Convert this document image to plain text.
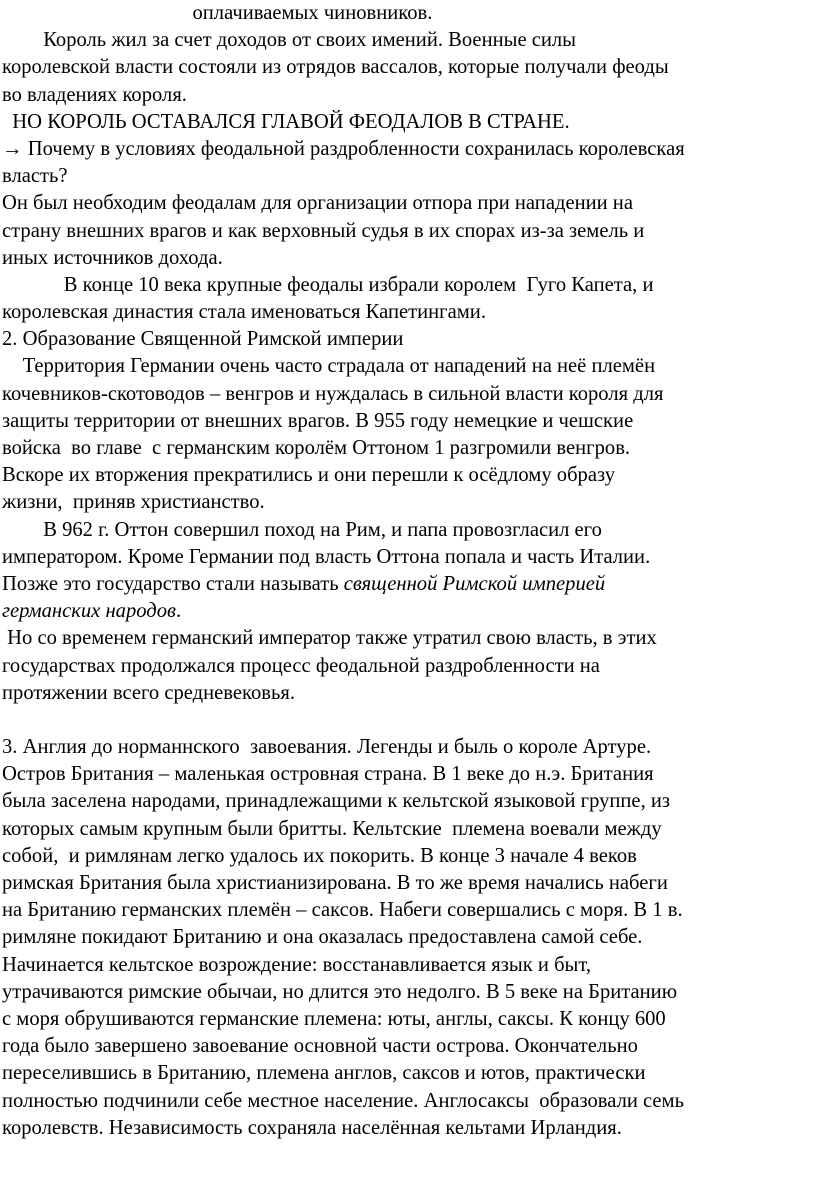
оплачиваемых чиновников.
Король жил за счет доходов от своих имений. Военные силы
королевской власти состояли из отрядов вассалов, которые получали феоды
во владениях короля.
НО КОРОЛЬ ОСТАВАЛСЯ ГЛАВОЙ ФЕОДАЛОВ В СТРАНЕ.
→ Почему в условиях феодальной раздробленности сохранилась королевская
власть?
Он был необходим феодалам для организации отпора при нападении на
страну внешних врагов и как верховный судья в их спорах из-за земель и
иных источников дохода.
В конце 10 века крупные феодалы избрали королем  Гуго Капета, и
королевская династия стала именоваться Капетингами.
2. Образование Священной Римской империи
Территория Германии очень часто страдала от нападений на неё племён
кочевников-скотоводов – венгров и нуждалась в сильной власти короля для
защиты территории от внешних врагов. В 955 году немецкие и чешские
войска  во главе  с германским королём Оттоном 1 разгромили венгров.
Вскоре их вторжения прекратились и они перешли к осёдлому образу
жизни,  приняв христианство.
В 962 г. Оттон совершил поход на Рим, и папа провозгласил его
императором. Кроме Германии под власть Оттона попала и часть Италии.
Позже это государство стали называть священной Римской империей
германских народов.
Но со временем германский император также утратил свою власть, в этих
государствах продолжался процесс феодальной раздробленности на
протяжении всего средневековья.
3. Англия до норманнского  завоевания. Легенды и быль о короле Артуре.
Остров Британия – маленькая островная страна. В 1 веке до н.э. Британия
была заселена народами, принадлежащими к кельтской языковой группе, из
которых самым крупным были бритты. Кельтские  племена воевали между
собой,  и римлянам легко удалось их покорить. В конце 3 начале 4 веков
римская Британия была христианизирована. В то же время начались набеги
на Британию германских племён – саксов. Набеги совершались с моря. В 1 в.
римляне покидают Британию и она оказалась предоставлена самой себе.
Начинается кельтское возрождение: восстанавливается язык и быт,
утрачиваются римские обычаи, но длится это недолго. В 5 веке на Британию
с моря обрушиваются германские племена: юты, англы, саксы. К концу 600
года было завершено завоевание основной части острова. Окончательно
переселившись в Британию, племена англов, саксов и ютов, практически
полностью подчинили себе местное население. Англосаксы  образовали семь
королевств. Независимость сохраняла населённая кельтами Ирландия.
